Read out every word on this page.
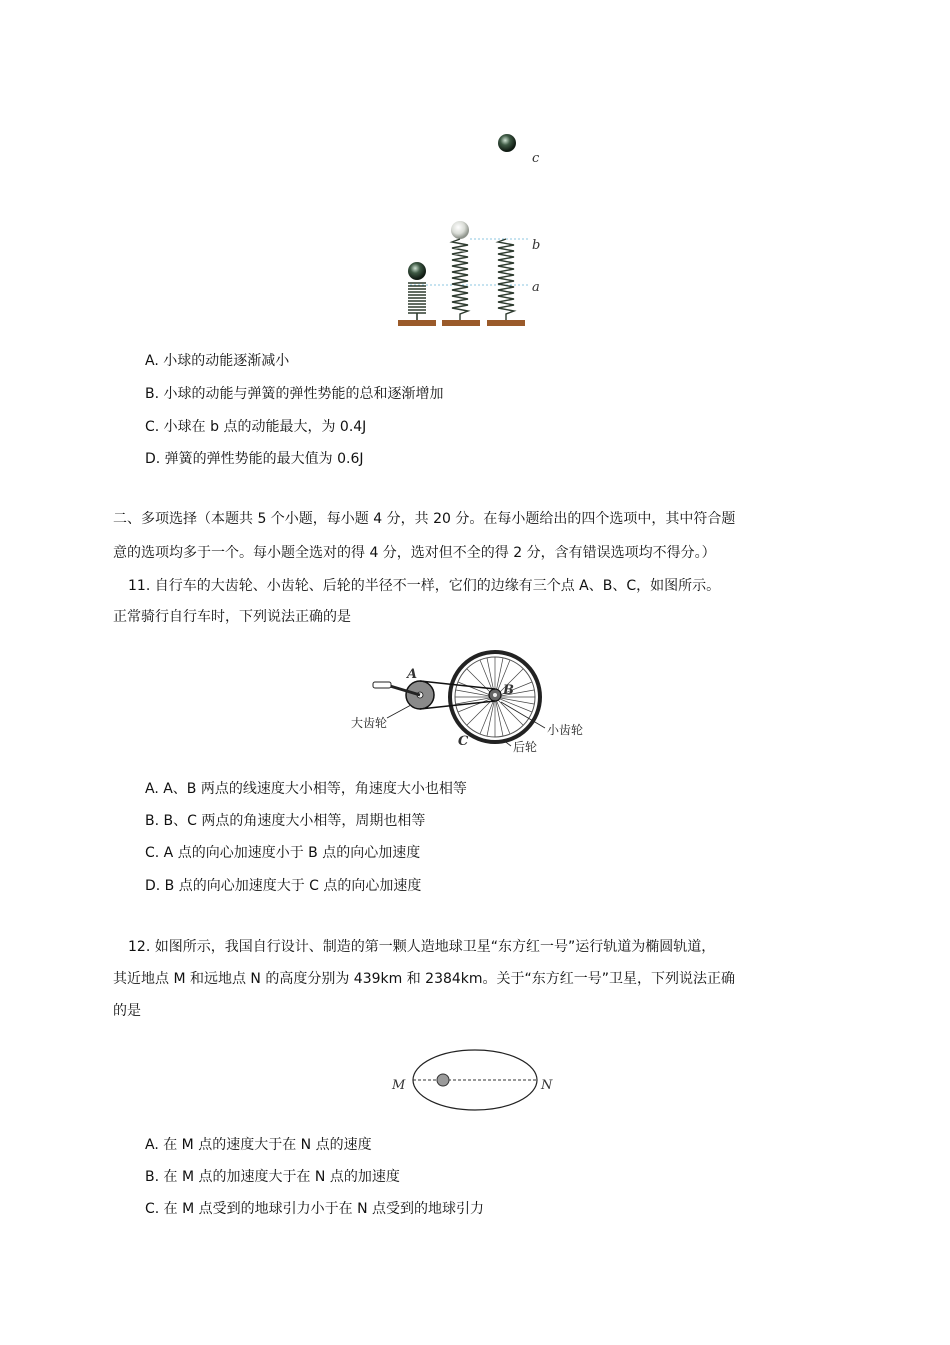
c
b
a
A. 小球的动能逐渐减小
B. 小球的动能与弹簧的弹性势能的总和逐渐增加
C. 小球在 b 点的动能最大，为 0.4J
D. 弹簧的弹性势能的最大值为 0.6J
二、多项选择（本题共 5 个小题，每小题 4 分，共 20 分。在每小题给出的四个选项中，其中符合题
意的选项均多于一个。每小题全选对的得 4 分，选对但不全的得 2 分，含有错误选项均不得分。）
11. 自行车的大齿轮、小齿轮、后轮的半径不一样，它们的边缘有三个点 A、B、C，如图所示。
正常骑行自行车时，下列说法正确的是
A
B
C
大齿轮	小齿轮
后轮
A. A、B 两点的线速度大小相等，角速度大小也相等
B. B、C 两点的角速度大小相等，周期也相等
C. A 点的向心加速度小于 B 点的向心加速度
D. B 点的向心加速度大于 C 点的向心加速度
12. 如图所示，我国自行设计、制造的第一颗人造地球卫星“东方红一号”运行轨道为椭圆轨道，
其近地点 M 和远地点 N 的高度分别为 439km 和 2384km。关于“东方红一号”卫星，下列说法正确
的是
M	N
A. 在 M 点的速度大于在 N 点的速度
B. 在 M 点的加速度大于在 N 点的加速度
C. 在 M 点受到的地球引力小于在 N 点受到的地球引力
